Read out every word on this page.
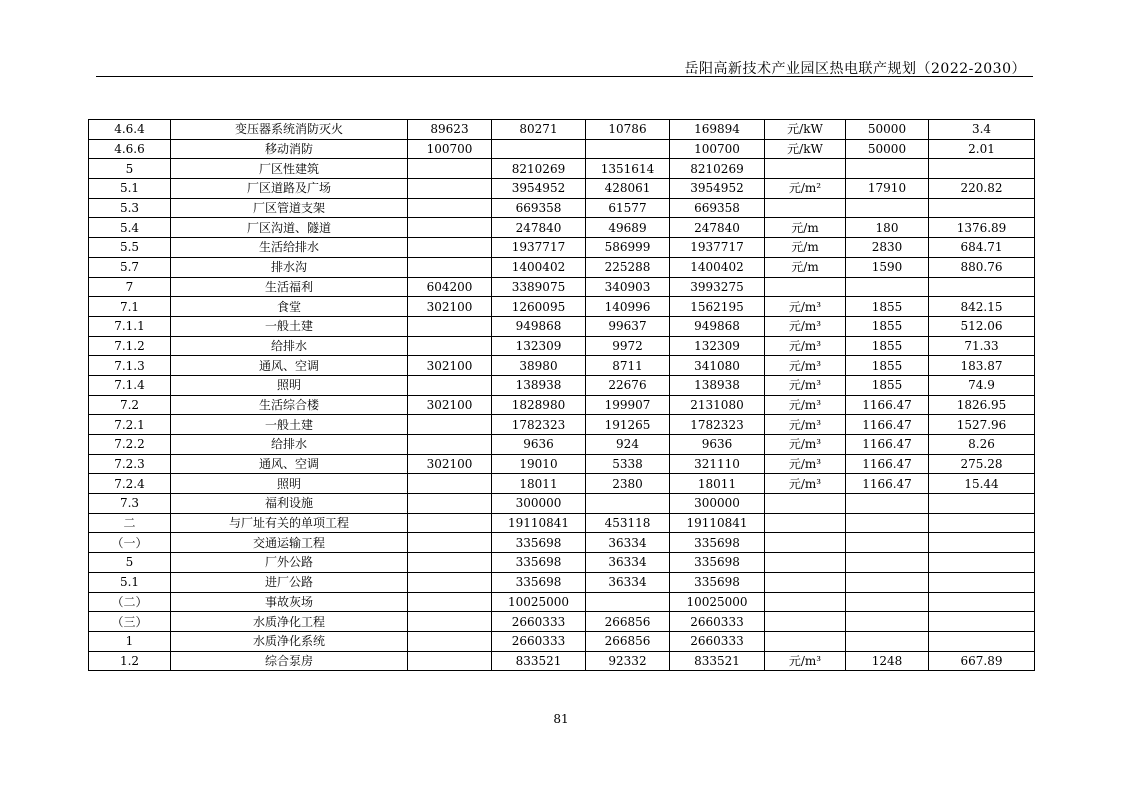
岳阳高新技术产业园区热电联产规划（2022-2030）
4.6.4	变压器系统消防灭火	89623	80271	10786	169894	元/kW	50000	3.4
4.6.6	移动消防	100700			100700	元/kW	50000	2.01
5	厂区性建筑		8210269	1351614	8210269			
5.1	厂区道路及广场		3954952	428061	3954952	元/m²	17910	220.82
5.3	厂区管道支架		669358	61577	669358			
5.4	厂区沟道、隧道		247840	49689	247840	元/m	180	1376.89
5.5	生活给排水		1937717	586999	1937717	元/m	2830	684.71
5.7	排水沟		1400402	225288	1400402	元/m	1590	880.76
7	生活福利	604200	3389075	340903	3993275			
7.1	食堂	302100	1260095	140996	1562195	元/m³	1855	842.15
7.1.1	一般土建		949868	99637	949868	元/m³	1855	512.06
7.1.2	给排水		132309	9972	132309	元/m³	1855	71.33
7.1.3	通风、空调	302100	38980	8711	341080	元/m³	1855	183.87
7.1.4	照明		138938	22676	138938	元/m³	1855	74.9
7.2	生活综合楼	302100	1828980	199907	2131080	元/m³	1166.47	1826.95
7.2.1	一般土建		1782323	191265	1782323	元/m³	1166.47	1527.96
7.2.2	给排水		9636	924	9636	元/m³	1166.47	8.26
7.2.3	通风、空调	302100	19010	5338	321110	元/m³	1166.47	275.28
7.2.4	照明		18011	2380	18011	元/m³	1166.47	15.44
7.3	福利设施		300000		300000			
二	与厂址有关的单项工程		19110841	453118	19110841			
（一）	交通运输工程		335698	36334	335698			
5	厂外公路		335698	36334	335698			
5.1	进厂公路		335698	36334	335698			
（二）	事故灰场		10025000		10025000			
（三）	水质净化工程		2660333	266856	2660333			
1	水质净化系统		2660333	266856	2660333			
1.2	综合泵房		833521	92332	833521	元/m³	1248	667.89
81
